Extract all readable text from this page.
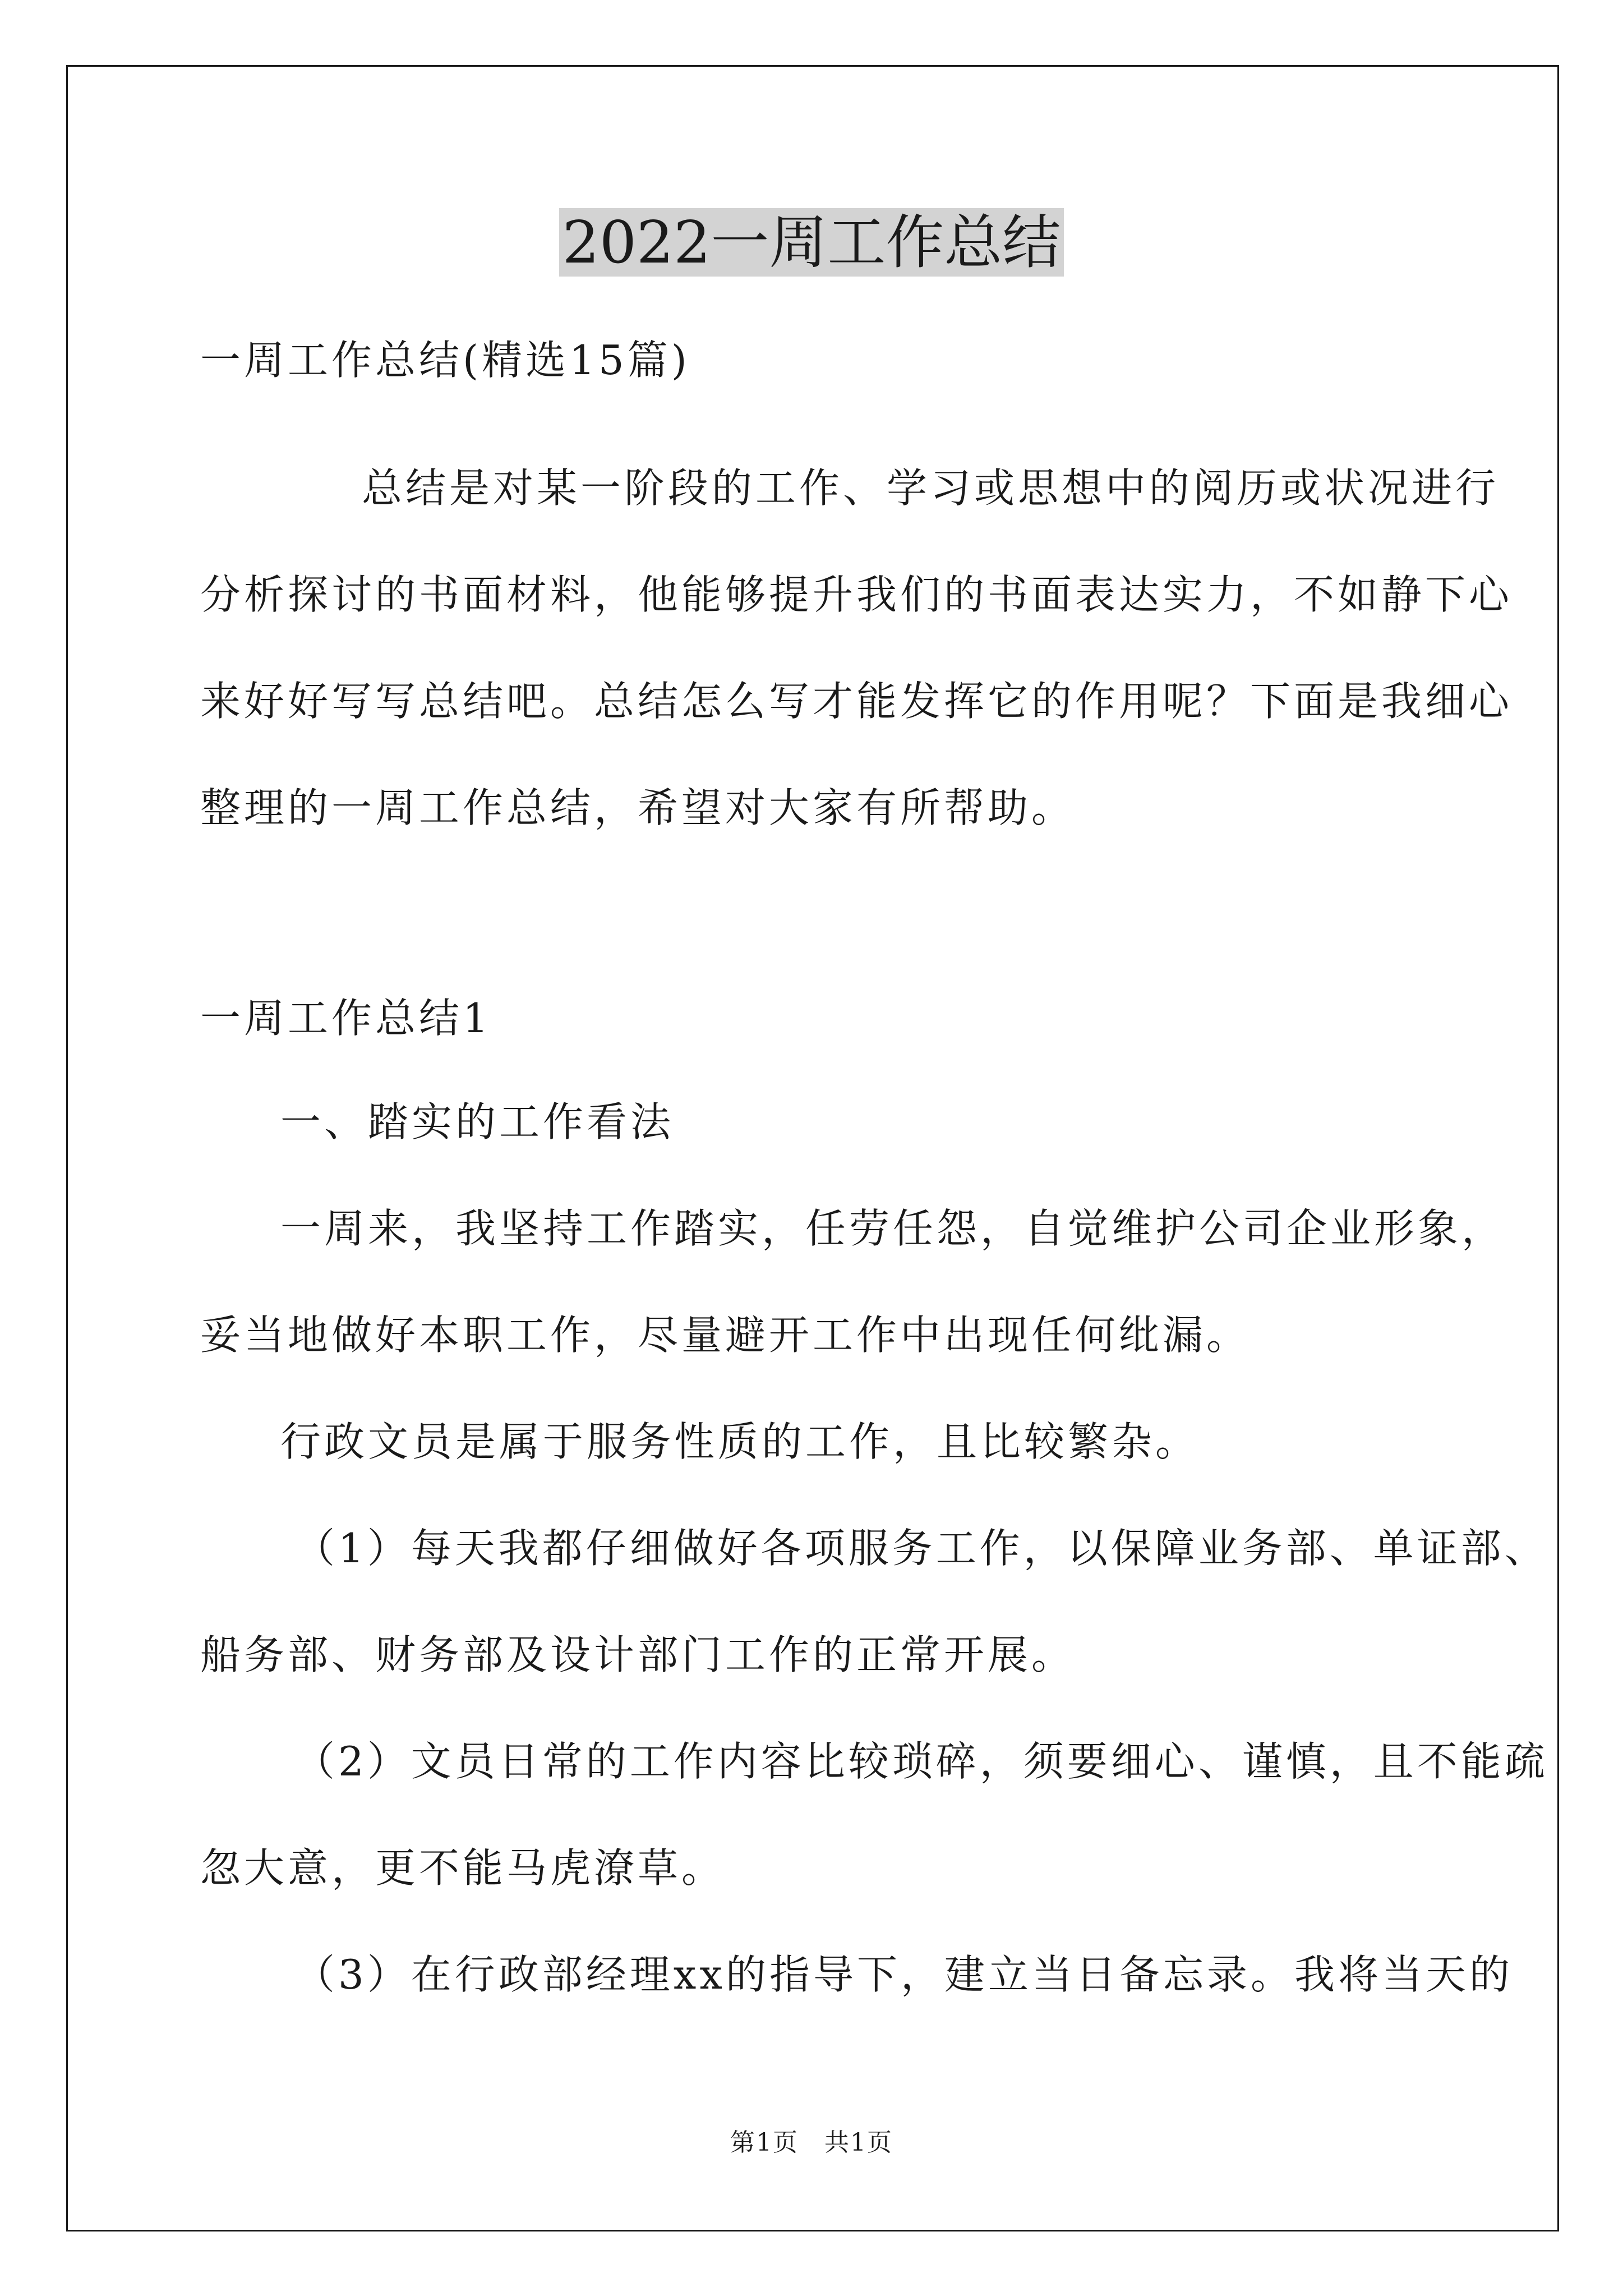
2022一周工作总结
一周工作总结(精选15篇)
总结是对某一阶段的工作、学习或思想中的阅历或状况进行
分析探讨的书面材料，他能够提升我们的书面表达实力，不如静下心
来好好写写总结吧。总结怎么写才能发挥它的作用呢？下面是我细心
整理的一周工作总结，希望对大家有所帮助。
一周工作总结1
一、踏实的工作看法
一周来，我坚持工作踏实，任劳任怨，自觉维护公司企业形象，
妥当地做好本职工作，尽量避开工作中出现任何纰漏。
行政文员是属于服务性质的工作，且比较繁杂。
（1）每天我都仔细做好各项服务工作，以保障业务部、单证部、
船务部、财务部及设计部门工作的正常开展。
（2）文员日常的工作内容比较琐碎，须要细心、谨慎，且不能疏
忽大意，更不能马虎潦草。
（3）在行政部经理xx的指导下，建立当日备忘录。我将当天的
第1页　共1页
